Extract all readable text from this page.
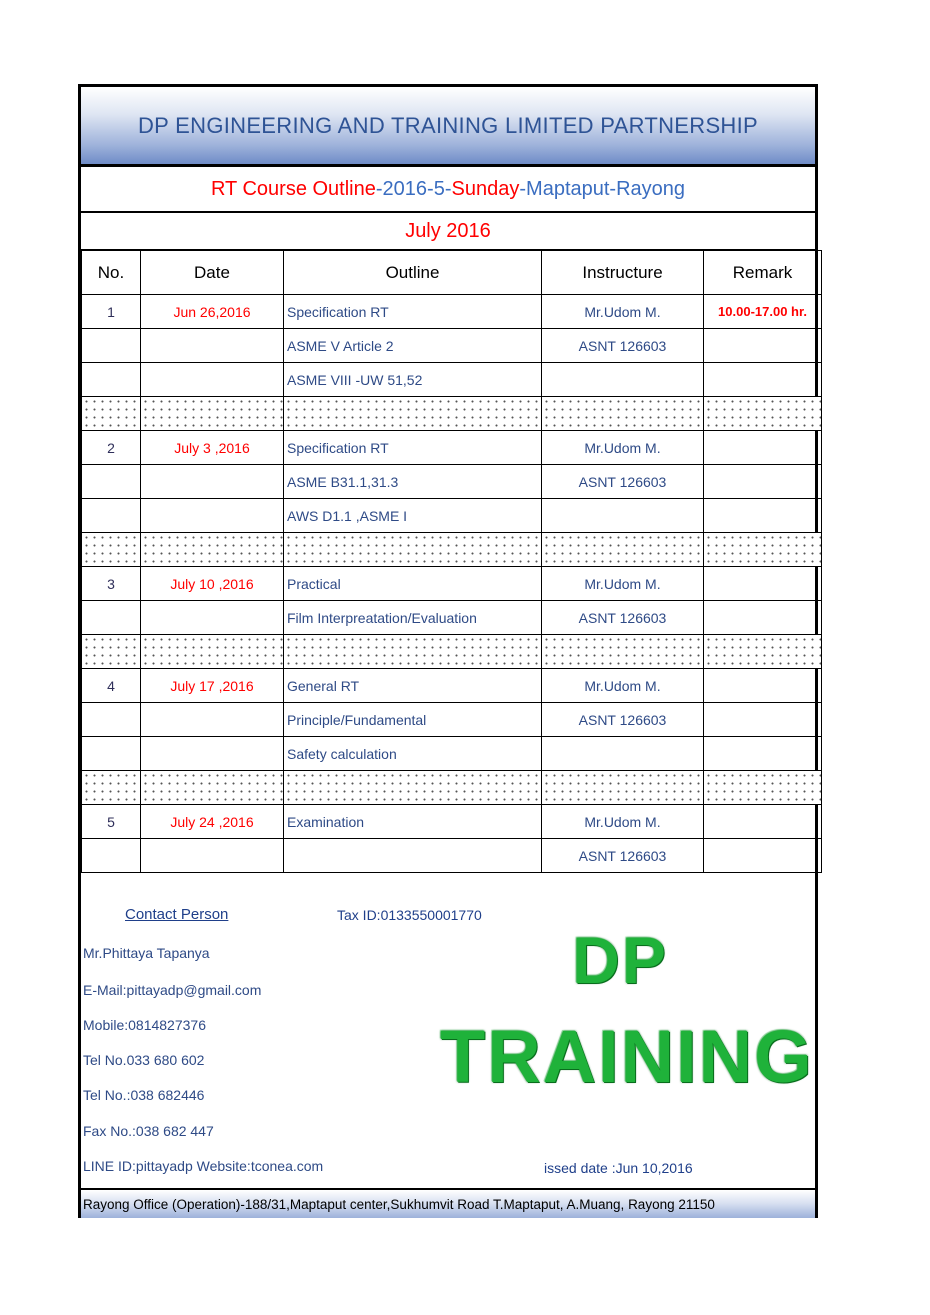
DP ENGINEERING AND TRAINING LIMITED PARTNERSHIP
RT Course Outline - 2016 - 5 - Sunday - Maptaput - Rayong
July 2016
Contact Person	Tax ID:0133550001770
Mr.Phittaya Tapanya
E-Mail:pittayadp@gmail.com
Mobile:0814827376
Tel No.033 680 602
Tel No.:038 682446
Fax No.:038 682 447
LINE ID:pittayadp Website:tconea.com
DP
TRAINING
issed date :Jun 10,2016
Rayong Office (Operation)-188/31,Maptaput center,Sukhumvit Road T.Maptaput, A.Muang, Rayong 21150
No.	Date	Outline	Instructure	Remark
1	Jun 26,2016	Specification RT	Mr.Udom M.	10.00-17.00 hr.
		ASME V Article 2	ASNT 126603	
		ASME VIII -UW 51,52		

2	July 3 ,2016	Specification RT	Mr.Udom M.	
		ASME B31.1,31.3	ASNT 126603	
		AWS D1.1 ,ASME I		

3	July 10 ,2016	Practical	Mr.Udom M.	
		Film Interpreatation/Evaluation	ASNT 126603	

4	July 17 ,2016	General RT	Mr.Udom M.	
		Principle/Fundamental	ASNT 126603	
		Safety calculation		

5	July 24 ,2016	Examination	Mr.Udom M.	
			ASNT 126603	
